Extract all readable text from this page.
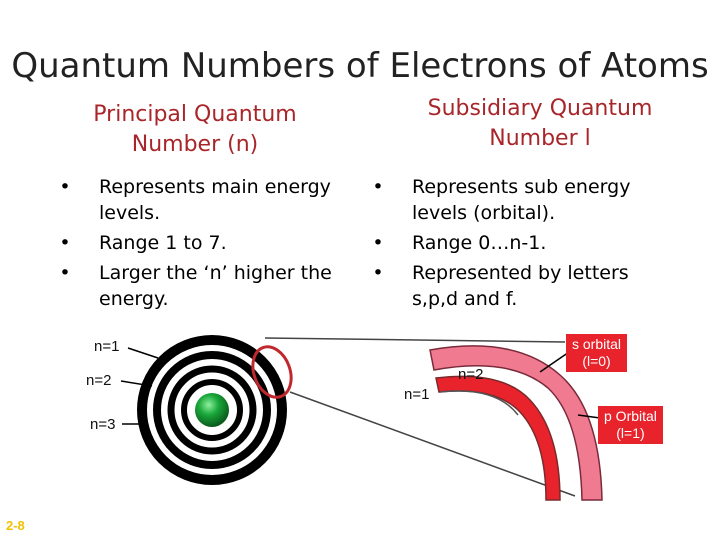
Quantum Numbers of Electrons of Atoms
Principal Quantum Number (n)
Subsidiary Quantum Number l
• Represents main energy levels.
• Range 1 to 7.
• Larger the ‘n’ higher the energy.
• Represents sub energy levels (orbital).
• Range 0…n-1.
• Represented by letters s,p,d and f.
n=1
n=2
n=3
n=1
n=2
s orbital
(l=0)
p Orbital
(l=1)
2-8
